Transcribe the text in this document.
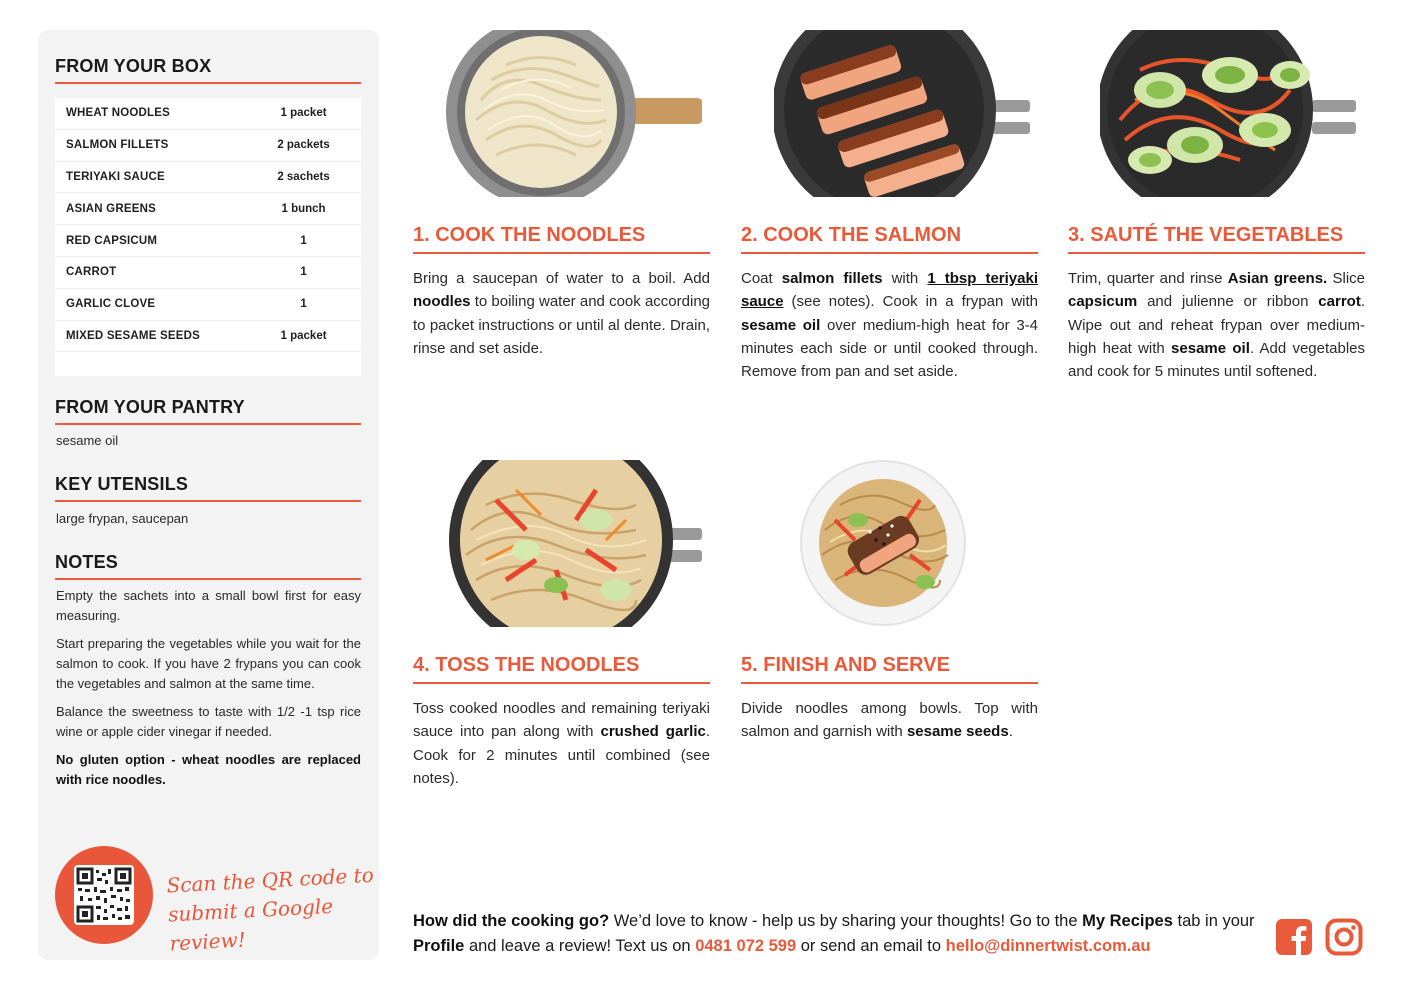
FROM YOUR BOX
WHEAT NOODLES	1 packet
SALMON FILLETS	2 packets
TERIYAKI SAUCE	2 sachets
ASIAN GREENS	1 bunch
RED CAPSICUM	1
CARROT	1
GARLIC CLOVE	1
MIXED SESAME SEEDS	1 packet
FROM YOUR PANTRY
sesame oil
KEY UTENSILS
large frypan, saucepan
NOTES

Empty the sachets into a small bowl first for easy measuring.

Start preparing the vegetables while you wait for the salmon to cook. If you have 2 frypans you can cook the vegetables and salmon at the same time.

Balance the sweetness to taste with 1/2 -1 tsp rice wine or apple cider vinegar if needed.

No gluten option - wheat noodles are replaced with rice noodles.

Scan the QR code to
submit a Google review!
1. COOK THE NOODLES
Bring a saucepan of water to a boil. Add noodles to boiling water and cook according to packet instructions or until al dente. Drain, rinse and set aside.
2. COOK THE SALMON
Coat salmon fillets with 1 tbsp teriyaki sauce (see notes). Cook in a frypan with sesame oil over medium-high heat for 3-4 minutes each side or until cooked through. Remove from pan and set aside.
3. SAUTÉ THE VEGETABLES
Trim, quarter and rinse Asian greens. Slice capsicum and julienne or ribbon carrot. Wipe out and reheat frypan over medium-high heat with sesame oil. Add vegetables and cook for 5 minutes until softened.
4. TOSS THE NOODLES
Toss cooked noodles and remaining teriyaki sauce into pan along with crushed garlic. Cook for 2 minutes until combined (see notes).
5. FINISH AND SERVE
Divide noodles among bowls. Top with salmon and garnish with sesame seeds.
How did the cooking go? We’d love to know - help us by sharing your thoughts! Go to the My Recipes tab in your Profile and leave a review! Text us on 0481 072 599 or send an email to hello@dinnertwist.com.au
